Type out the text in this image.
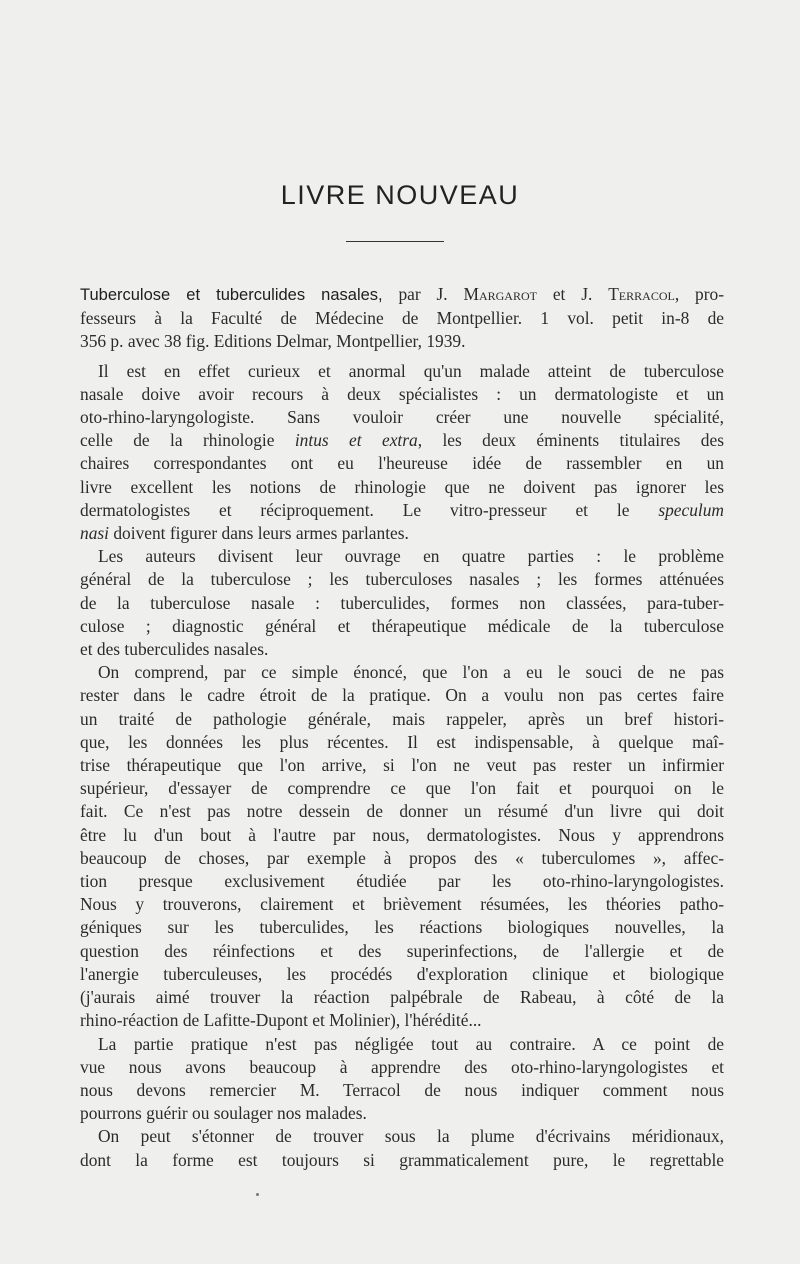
LIVRE NOUVEAU

Tuberculose et tuberculides nasales, par J. Margarot et J. Terracol, pro-
fesseurs à la Faculté de Médecine de Montpellier. 1 vol. petit in-8 de
356 p. avec 38 fig. Editions Delmar, Montpellier, 1939.

Il est en effet curieux et anormal qu'un malade atteint de tuberculose
nasale doive avoir recours à deux spécialistes : un dermatologiste et un
oto-rhino-laryngologiste. Sans vouloir créer une nouvelle spécialité,
celle de la rhinologie intus et extra, les deux éminents titulaires des
chaires correspondantes ont eu l'heureuse idée de rassembler en un
livre excellent les notions de rhinologie que ne doivent pas ignorer les
dermatologistes et réciproquement. Le vitro-presseur et le speculum
nasi doivent figurer dans leurs armes parlantes.

Les auteurs divisent leur ouvrage en quatre parties : le problème
général de la tuberculose ; les tuberculoses nasales ; les formes atténuées
de la tuberculose nasale : tuberculides, formes non classées, para-tuber-
culose ; diagnostic général et thérapeutique médicale de la tuberculose
et des tuberculides nasales.

On comprend, par ce simple énoncé, que l'on a eu le souci de ne pas
rester dans le cadre étroit de la pratique. On a voulu non pas certes faire
un traité de pathologie générale, mais rappeler, après un bref histori-
que, les données les plus récentes. Il est indispensable, à quelque maî-
trise thérapeutique que l'on arrive, si l'on ne veut pas rester un infirmier
supérieur, d'essayer de comprendre ce que l'on fait et pourquoi on le
fait. Ce n'est pas notre dessein de donner un résumé d'un livre qui doit
être lu d'un bout à l'autre par nous, dermatologistes. Nous y apprendrons
beaucoup de choses, par exemple à propos des « tuberculomes », affec-
tion presque exclusivement étudiée par les oto-rhino-laryngologistes.
Nous y trouverons, clairement et brièvement résumées, les théories patho-
géniques sur les tuberculides, les réactions biologiques nouvelles, la
question des réinfections et des superinfections, de l'allergie et de
l'anergie tuberculeuses, les procédés d'exploration clinique et biologique
(j'aurais aimé trouver la réaction palpébrale de Rabeau, à côté de la
rhino-réaction de Lafitte-Dupont et Molinier), l'hérédité...

La partie pratique n'est pas négligée tout au contraire. A ce point de
vue nous avons beaucoup à apprendre des oto-rhino-laryngologistes et
nous devons remercier M. Terracol de nous indiquer comment nous
pourrons guérir ou soulager nos malades.

On peut s'étonner de trouver sous la plume d'écrivains méridionaux,
dont la forme est toujours si grammaticalement pure, le regrettable
